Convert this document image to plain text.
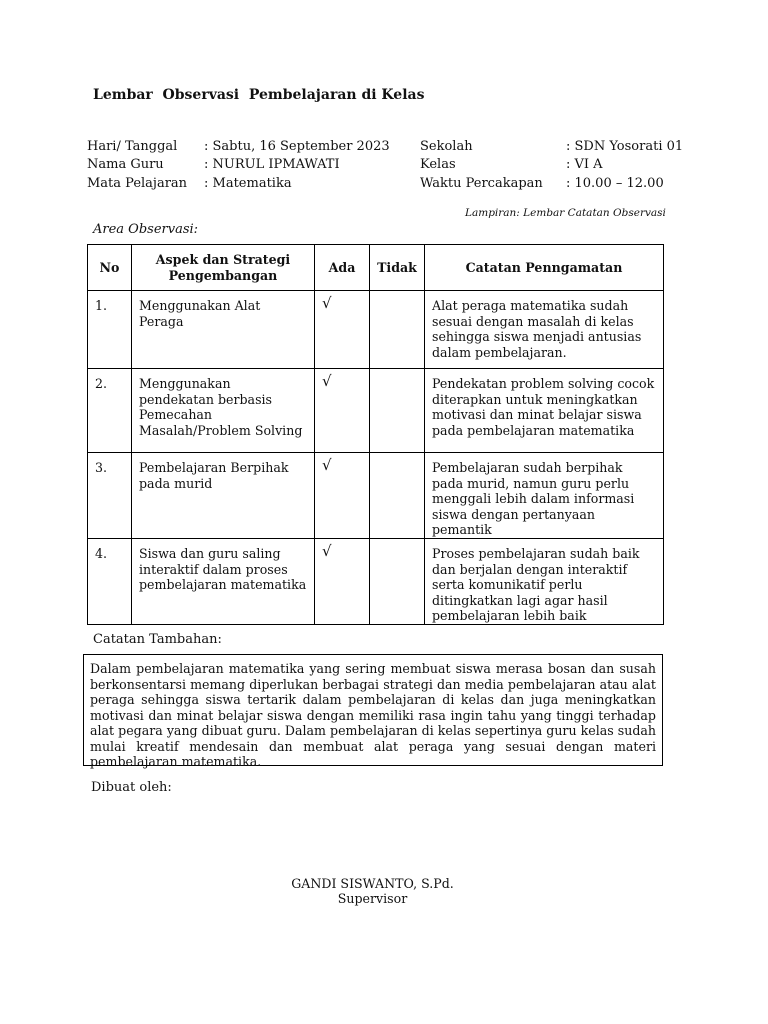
Lembar  Observasi  Pembelajaran di Kelas
Hari/ Tanggal : Sabtu, 16 September 2023
Nama Guru	: NURUL IPMAWATI
Mata Pelajaran : Matematika
Sekolah	: SDN Yosorati 01
Kelas	: VI A
Waktu Percakapan : 10.00 – 12.00
Lampiran: Lembar Catatan Observasi
Area Observasi:
No	Aspek dan Strategi Pengembangan	Ada	Tidak	Catatan Penngamatan
1.	Menggunakan Alat Peraga	√		Alat peraga matematika sudah sesuai dengan masalah di kelas sehingga siswa menjadi antusias dalam pembelajaran.
2.	Menggunakan pendekatan berbasis Pemecahan Masalah/Problem Solving	√		Pendekatan problem solving cocok diterapkan untuk meningkatkan motivasi dan minat belajar siswa pada pembelajaran matematika
3.	Pembelajaran Berpihak pada murid	√		Pembelajaran sudah berpihak pada murid, namun guru perlu menggali lebih dalam informasi siswa dengan pertanyaan pemantik
4.	Siswa dan guru saling interaktif dalam proses pembelajaran matematika	√		Proses pembelajaran sudah baik dan berjalan dengan interaktif serta komunikatif perlu ditingkatkan lagi agar hasil pembelajaran lebih baik
Catatan Tambahan:
Dalam pembelajaran matematika yang sering membuat siswa merasa bosan dan susah berkonsentarsi memang diperlukan berbagai strategi dan media pembelajaran atau alat peraga sehingga siswa tertarik dalam pembelajaran di kelas dan juga meningkatkan motivasi dan minat belajar siswa dengan memiliki rasa ingin tahu yang tinggi terhadap alat pegara yang dibuat guru. Dalam pembelajaran di kelas sepertinya guru kelas sudah mulai kreatif mendesain dan membuat alat peraga yang sesuai dengan materi pembelajaran matematika.
Dibuat oleh:
GANDI SISWANTO, S.Pd.
Supervisor
